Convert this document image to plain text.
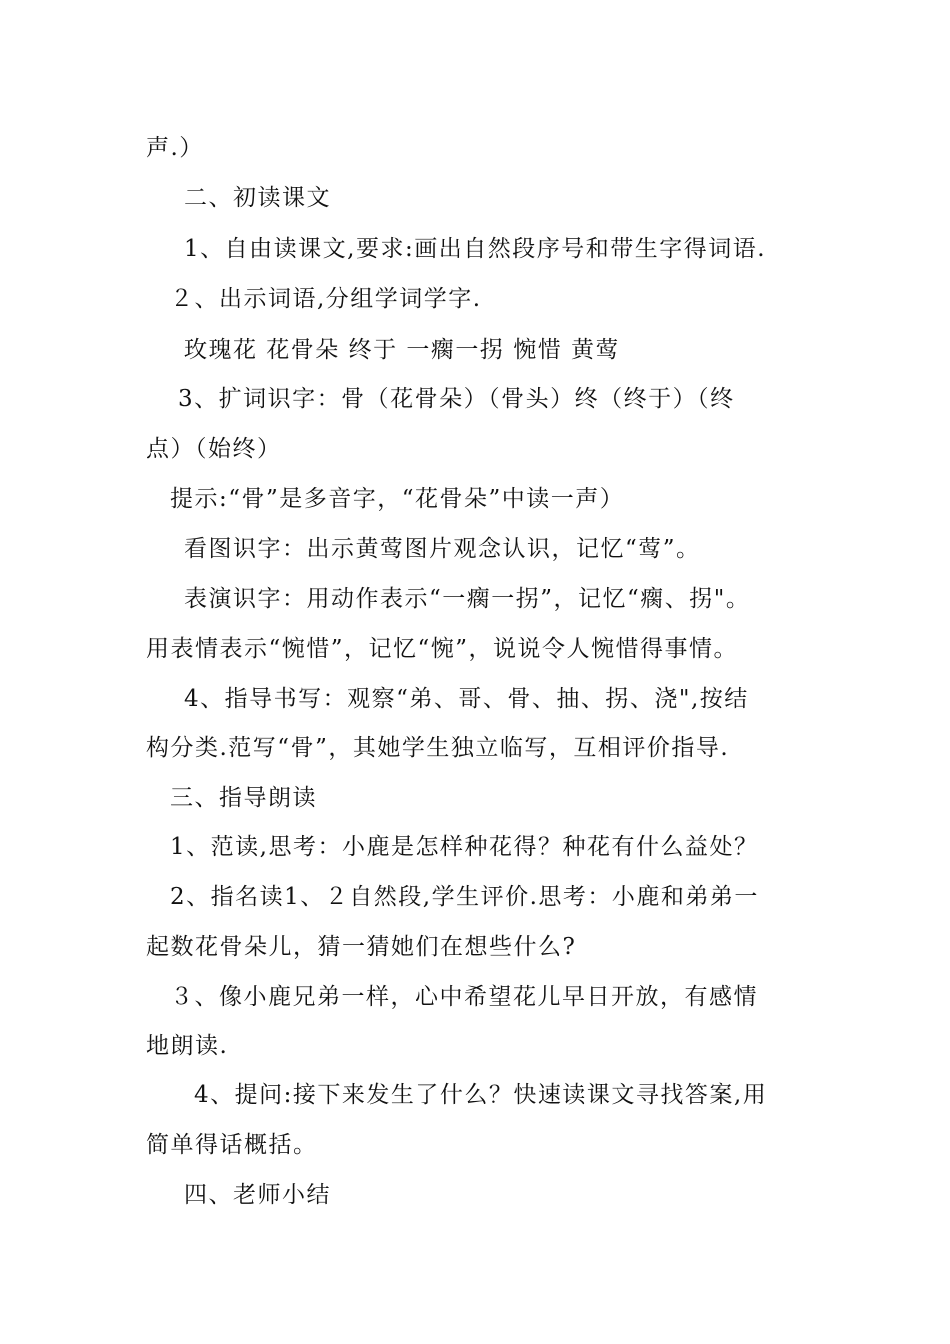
声.）
二、初读课文
1、自由读课文,要求:画出自然段序号和带生字得词语.
２、出示词语,分组学词学字.
玫瑰花 花骨朵 终于 一瘸一拐 惋惜 黄莺
3、扩词识字：骨（花骨朵）（骨头）终（终于）（终
点）（始终）
提示:“骨”是多音字，“花骨朵”中读一声）
看图识字：出示黄莺图片观念认识，记忆“莺”。
表演识字：用动作表示“一瘸一拐”，记忆“瘸、拐"。
用表情表示“惋惜”，记忆“惋”，说说令人惋惜得事情。
4、指导书写：观察“弟、哥、骨、抽、拐、浇",按结
构分类.范写“骨”，其她学生独立临写，互相评价指导.
三、指导朗读
1、范读,思考：小鹿是怎样种花得？种花有什么益处？
2、指名读1、２自然段,学生评价.思考：小鹿和弟弟一
起数花骨朵儿，猜一猜她们在想些什么?
３、像小鹿兄弟一样，心中希望花儿早日开放，有感情
地朗读.
4、提问:接下来发生了什么？快速读课文寻找答案,用
简单得话概括。
四、老师小结
